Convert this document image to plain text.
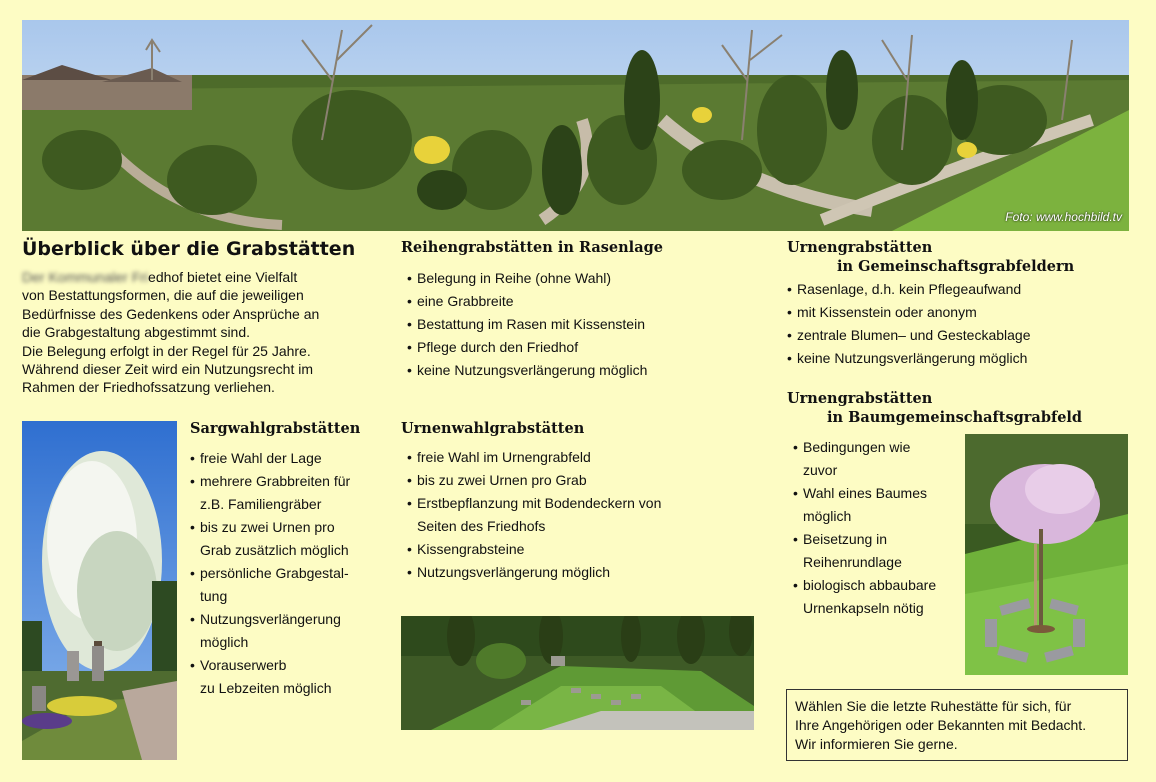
Foto: www.hochbild.tv
Überblick über die Grabstätten
Der Kommunaler Friedhof bietet eine Vielfalt
von Bestattungsformen, die auf die jeweiligen
Bedürfnisse des Gedenkens oder Ansprüche an
die Grabgestaltung abgestimmt sind.
Die Belegung erfolgt in der Regel für 25 Jahre.
Während dieser Zeit wird ein Nutzungsrecht im
Rahmen der Friedhofssatzung verliehen.
Sargwahlgrabstätten
• freie Wahl der Lage
• mehrere Grabbreiten für
z.B. Familiengräber
• bis zu zwei Urnen pro
Grab zusätzlich möglich
• persönliche Grabgestal-
tung
• Nutzungsverlängerung
möglich
• Vorauserwerb
zu Lebzeiten möglich
Reihengrabstätten in Rasenlage
• Belegung in Reihe (ohne Wahl)
• eine Grabbreite
• Bestattung im Rasen mit Kissenstein
• Pflege durch den Friedhof
• keine Nutzungsverlängerung möglich
Urnenwahlgrabstätten
• freie Wahl im Urnengrabfeld
• bis zu zwei Urnen pro Grab
• Erstbepflanzung mit Bodendeckern von
Seiten des Friedhofs
• Kissengrabsteine
• Nutzungsverlängerung möglich
Urnengrabstätten
in Gemeinschaftsgrabfeldern
• Rasenlage, d.h. kein Pflegeaufwand
• mit Kissenstein oder anonym
• zentrale Blumen– und Gesteckablage
• keine Nutzungsverlängerung möglich
Urnengrabstätten
in Baumgemeinschaftsgrabfeld
• Bedingungen wie
zuvor
• Wahl eines Baumes
möglich
• Beisetzung in
Reihenrundlage
• biologisch abbaubare
Urnenkapseln nötig
Wählen Sie die letzte Ruhestätte für sich, für
Ihre Angehörigen oder Bekannten mit Bedacht.
Wir informieren Sie gerne.
